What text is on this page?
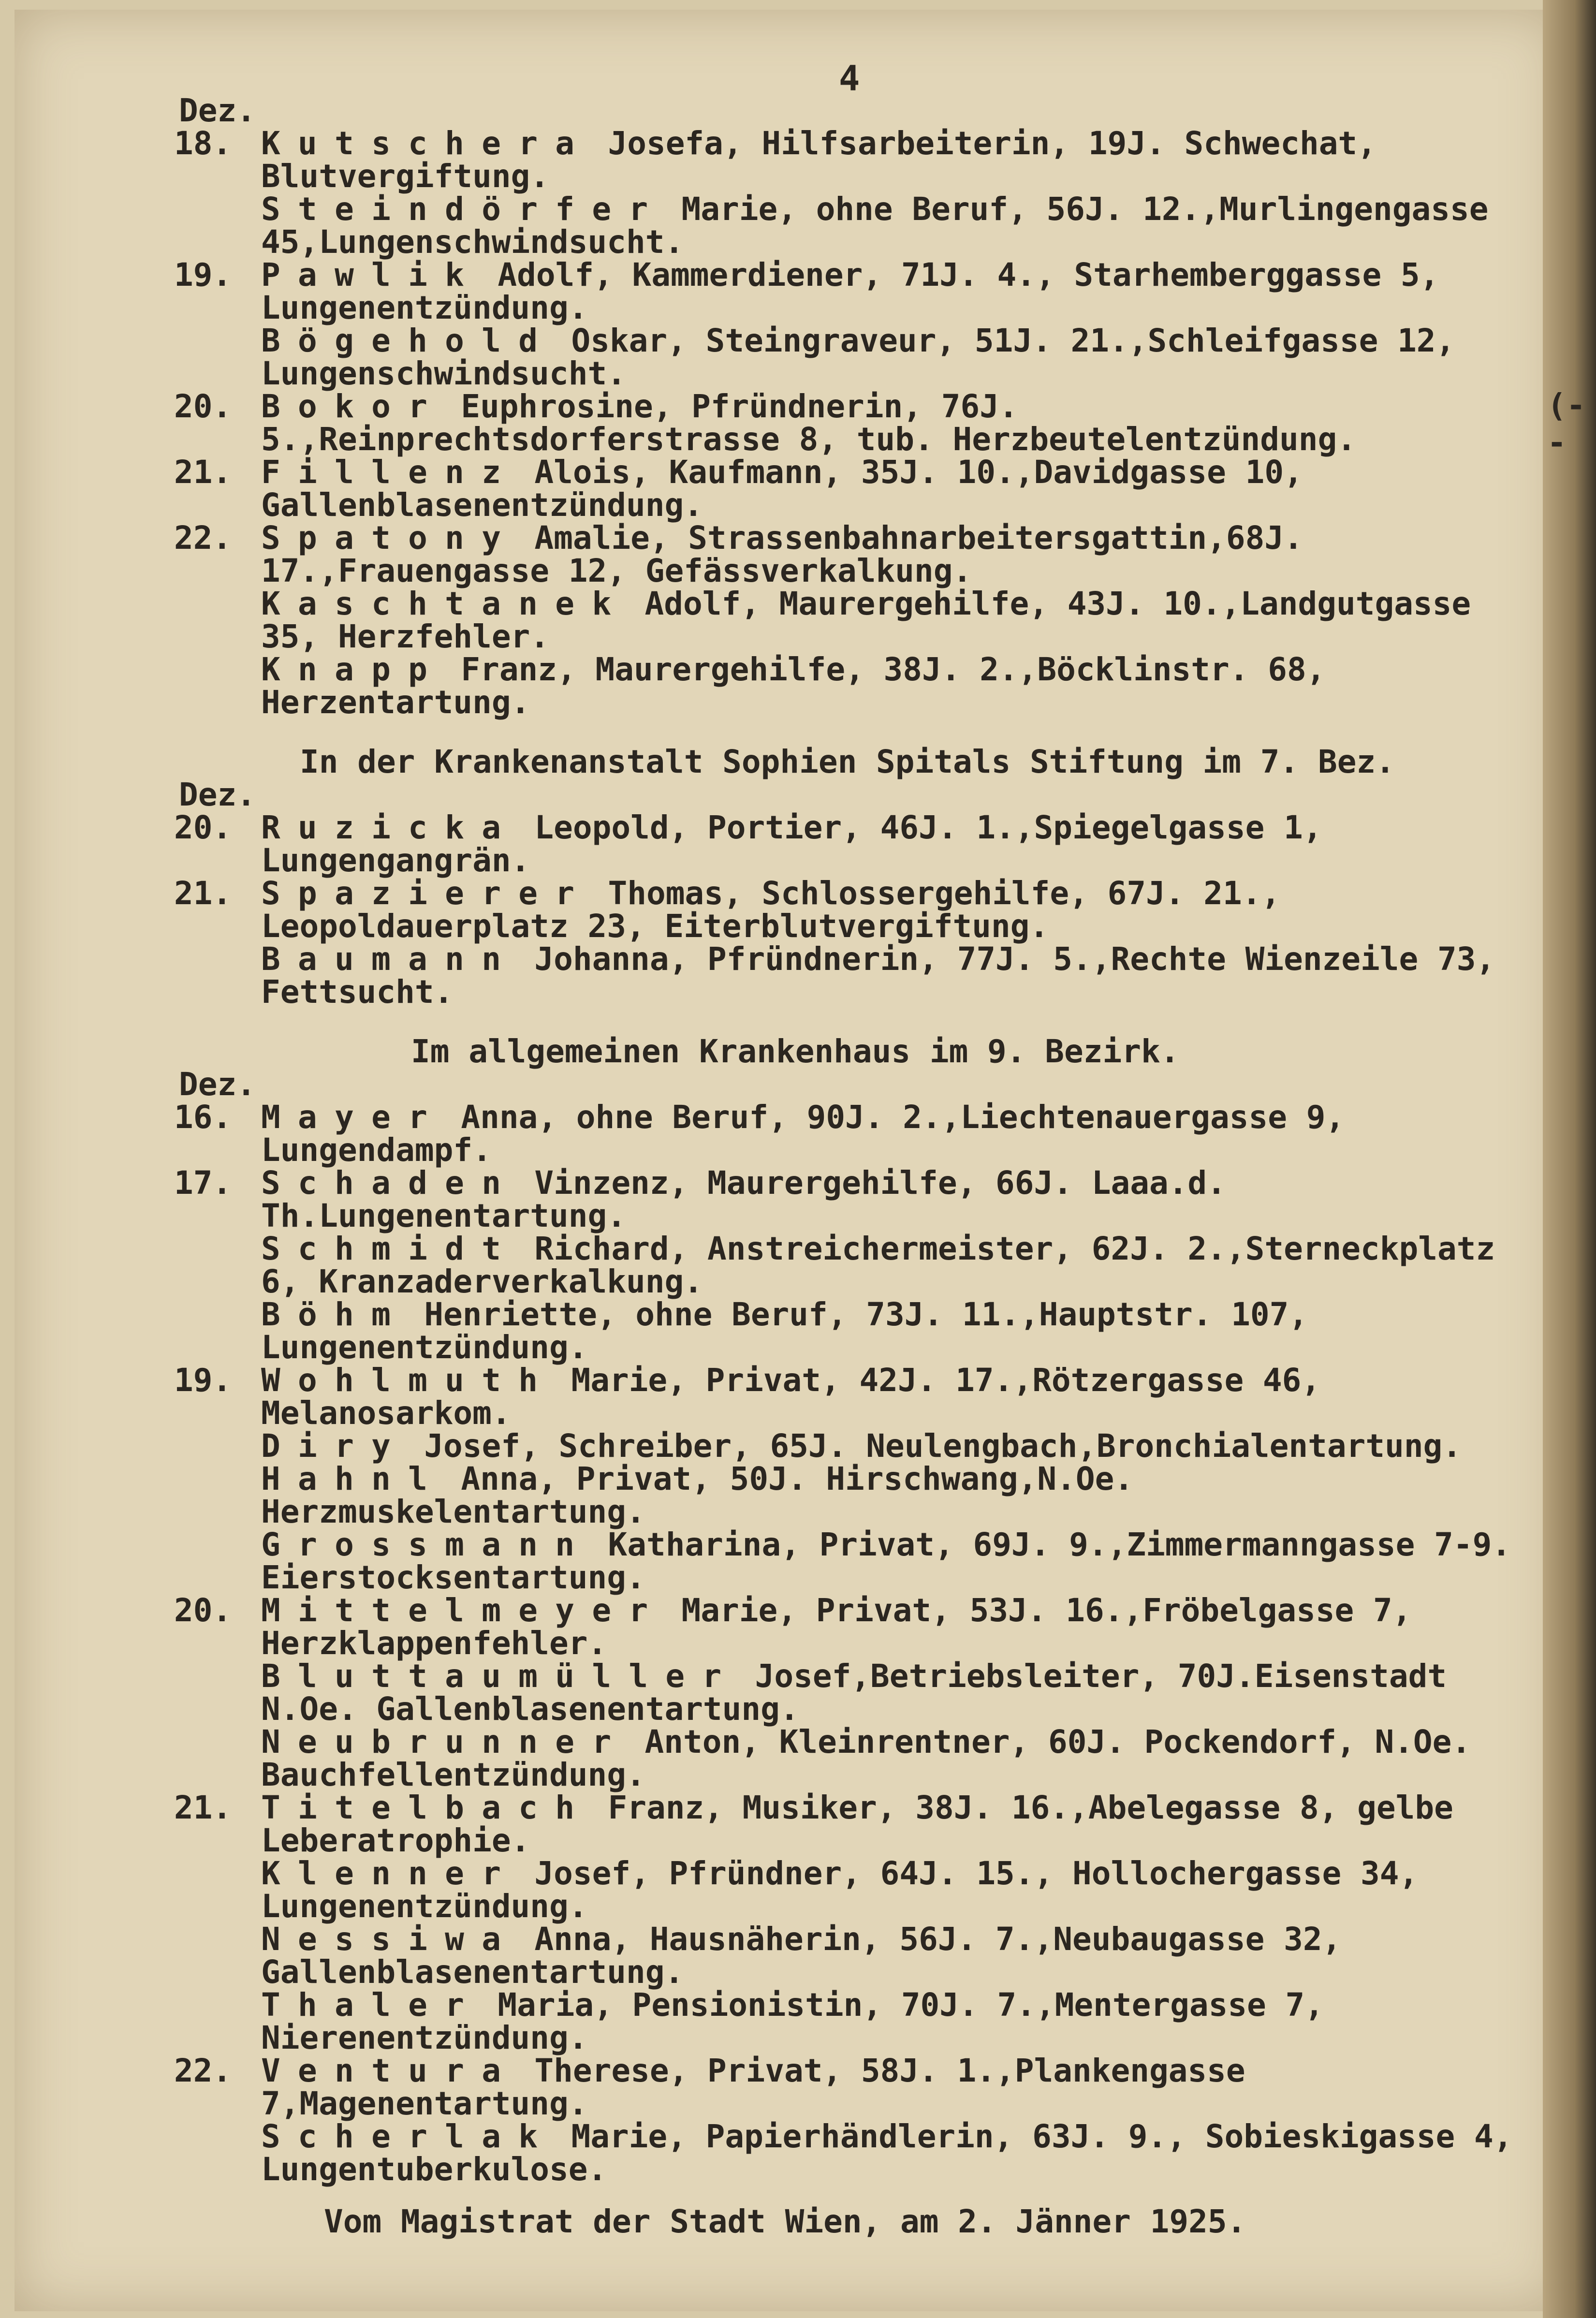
(--
4
Dez.
18. Kutschera Josefa, Hilfsarbeiterin, 19J. Schwechat, Blutvergiftung.
Steindörfer Marie, ohne Beruf, 56J. 12.,Murlingengasse 45,Lungenschwindsucht.
19. Pawlik Adolf, Kammerdiener, 71J. 4., Starhemberggasse 5, Lungenentzündung.
Bögehold Oskar, Steingraveur, 51J. 21.,Schleifgasse 12, Lungenschwindsucht.
20. Bokor Euphrosine, Pfründnerin, 76J. 5.,Reinprechtsdorferstrasse 8, tub. Herzbeutelentzündung.
21. Fillenz Alois, Kaufmann, 35J. 10.,Davidgasse 10, Gallenblasenentzündung.
22. Spatony Amalie, Strassenbahnarbeitersgattin,68J. 17.,Frauengasse 12, Gefässverkalkung.
Kaschtanek Adolf, Maurergehilfe, 43J. 10.,Landgutgasse 35, Herzfehler.
Knapp Franz, Maurergehilfe, 38J. 2.,Böcklinstr. 68, Herzentartung.
In der Krankenanstalt Sophien Spitals Stiftung im 7. Bez.
Dez.
20. Ruzicka Leopold, Portier, 46J. 1.,Spiegelgasse 1, Lungengangrän.
21. Spazierer Thomas, Schlossergehilfe, 67J. 21., Leopoldauerplatz 23, Eiterblutvergiftung.
Baumann Johanna, Pfründnerin, 77J. 5.,Rechte Wienzeile 73, Fettsucht.
Im allgemeinen Krankenhaus im 9. Bezirk.
Dez.
16. Mayer Anna, ohne Beruf, 90J. 2.,Liechtenauergasse 9, Lungendampf.
17. Schaden Vinzenz, Maurergehilfe, 66J. Laaa.d. Th.Lungenentartung.
Schmidt Richard, Anstreichermeister, 62J. 2.,Sterneckplatz 6, Kranzaderverkalkung.
Böhm Henriette, ohne Beruf, 73J. 11.,Hauptstr. 107, Lungenentzündung.
19. Wohlmuth Marie, Privat, 42J. 17.,Rötzergasse 46, Melanosarkom.
Diry Josef, Schreiber, 65J. Neulengbach,Bronchialentartung.
Hahnl Anna, Privat, 50J. Hirschwang,N.Oe. Herzmuskelentartung.
Grossmann Katharina, Privat, 69J. 9.,Zimmermanngasse 7-9. Eierstocksentartung.
20. Mittelmeyer Marie, Privat, 53J. 16.,Fröbelgasse 7, Herzklappenfehler.
Bluttaumüller Josef,Betriebsleiter, 70J.Eisenstadt N.Oe. Gallenblasenentartung.
Neubrunner Anton, Kleinrentner, 60J. Pockendorf, N.Oe. Bauchfellentzündung.
21. Titelbach Franz, Musiker, 38J. 16.,Abelegasse 8, gelbe Leberatrophie.
Klenner Josef, Pfründner, 64J. 15., Hollochergasse 34, Lungenentzündung.
Nessiwa Anna, Hausnäherin, 56J. 7.,Neubaugasse 32, Gallenblasenentartung.
Thaler Maria, Pensionistin, 70J. 7.,Mentergasse 7, Nierenentzündung.
22. Ventura Therese, Privat, 58J. 1.,Plankengasse 7,Magenentartung.
Scherlak Marie, Papierhändlerin, 63J. 9., Sobieskigasse 4, Lungentuberkulose.
Vom Magistrat der Stadt Wien, am 2. Jänner 1925.
